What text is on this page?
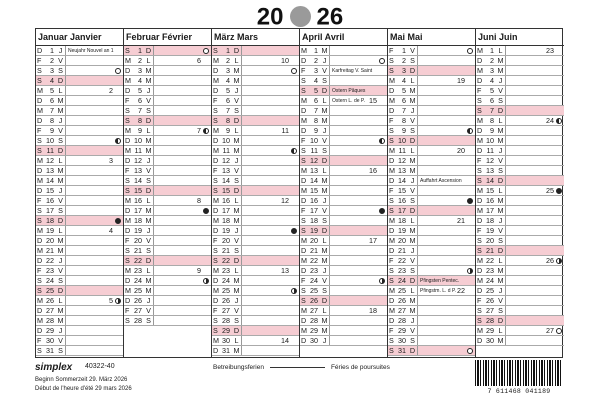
20 26
Januar Janvier
D	1 J	Neujahr Nouvel an 1
F	2 V
S	3 S
S	4 D
M 5 L	2
D	6 M
M 7 M
D	8 J
F	9 V
S 10 S
S 11 D
M 12 L	3
D 13 M
M 14 M
D 15 J
F 16 V
S 17 S
S 18 D
M 19 L	4
D 20 M
M 21 M
D 22 J
F 23 V
S 24 S
S 25 D
M 26 L	5
D 27 M
M 28 M
D 29 J
F 30 V
S 31 S
Februar Février
S	1 D
M 2 L	6
D	3 M
M 4 M
D	5 J
F	6 V
S	7 S
S	8 D
M 9 L	7
D 10 M
M 11 M
D 12 J
F 13 V
S 14 S
S 15 D
M 16 L	8
D 17 M
M 18 M
D 19 J
F 20 V
S 21 S
S 22 D
M 23 L	9
D 24 M
M 25 M
D 26 J
F 27 V
S 28 S
März Mars
S	1 D
M 2 L	10
D	3 M
M 4 M
D	5 J
F	6 V
S	7 S
S	8 D
M 9 L	11
D 10 M
M 11 M
D 12 J
F 13 V
S 14 S
S 15 D
M 16 L	12
D 17 M
M 18 M
D 19 J
F 20 V
S 21 S
S 22 D
M 23 L	13
D 24 M
M 25 M
D 26 J
F 27 V
S 28 S
S 29 D
M 30 L	14
D 31 M
April Avril
M 1 M
D	2 J
F	3 V Karfreitag V. Saint
S	4 S
S	5 D Ostern Pâques
M 6 L	Ostern L. de P. 15
D	7 M
M 8 M
D	9 J
F 10 V
S 11 S
S 12 D
M 13 L	16
D 14 M
M 15 M
D 16 J
F 17 V
S 18 S
S 19 D
M 20 L	17
D 21 M
M 22 M
D 23 J
F 24 V
S 25 S
S 26 D
M 27 L	18
D 28 M
M 29 M
D 30 J
Mai Mai
F	1 V
S	2 S
S	3 D
M 4 L	19
D	5 M
M 6 M
D	7 J
F	8 V
S	9 S
S 10 D
M 11 L	20
D 12 M
M 13 M
D 14 J	Auffahrt Ascension
F 15 V
S 16 S
S 17 D
M 18 L	21
D 19 M
M 20 M
D 21 J
F 22 V
S 23 S
S 24 D Pfingsten Pentec.
M 25 L	Pfingstm. L. d P. 22
D 26 M
M 27 M
D 28 J
F 29 V
S 30 S
S 31 D
Juni Juin
M 1 L	23
D	2 M
M 3 M
D	4 J
F	5 V
S	6 S
S	7 D
M 8 L	24
D	9 M
M 10 M
D 11 J
F 12 V
S 13 S
S 14 D
M 15 L	25
D 16 M
M 17 M
D 18 J
F 19 V
S 20 S
S 21 D
M 22 L	26
D 23 M
M 24 M
D 25 J
F 26 V
S 27 S
S 28 D
M 29 L	27
D 30 M
simplex 40322-40
Beginn Sommerzeit 29. März 2026
Début de l'heure d'été 29 mars 2026
Betreibungsferien	Féries de poursuites
7 611468 041189
